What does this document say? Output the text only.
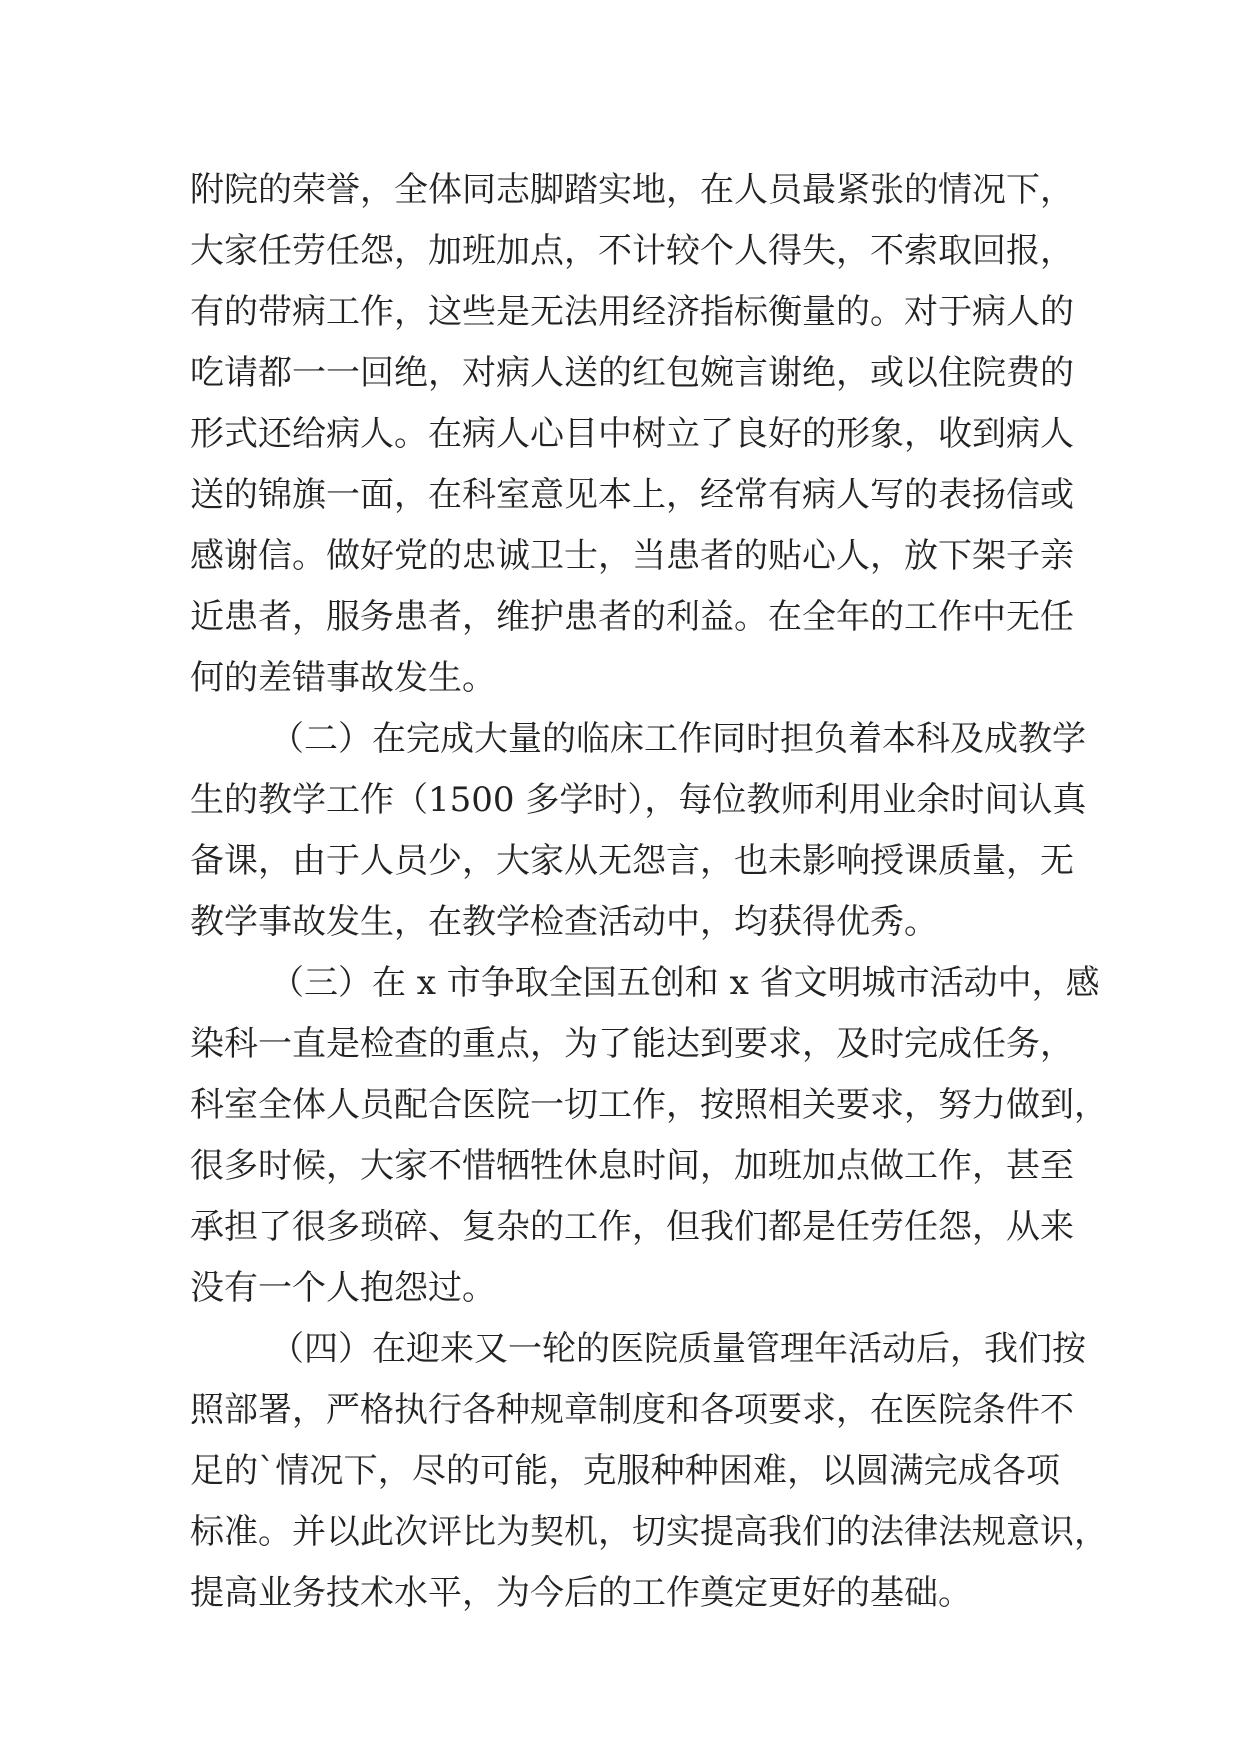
附院的荣誉，全体同志脚踏实地，在人员最紧张的情况下，
大家任劳任怨，加班加点，不计较个人得失，不索取回报，
有的带病工作，这些是无法用经济指标衡量的。对于病人的
吃请都一一回绝，对病人送的红包婉言谢绝，或以住院费的
形式还给病人。在病人心目中树立了良好的形象，收到病人
送的锦旗一面，在科室意见本上，经常有病人写的表扬信或
感谢信。做好党的忠诚卫士，当患者的贴心人，放下架子亲
近患者，服务患者，维护患者的利益。在全年的工作中无任
何的差错事故发生。
（二）在完成大量的临床工作同时担负着本科及成教学
生的教学工作（1500 多学时），每位教师利用业余时间认真
备课，由于人员少，大家从无怨言，也未影响授课质量，无
教学事故发生，在教学检查活动中，均获得优秀。
（三）在 x 市争取全国五创和 x 省文明城市活动中，感
染科一直是检查的重点，为了能达到要求，及时完成任务，
科室全体人员配合医院一切工作，按照相关要求，努力做到，
很多时候，大家不惜牺牲休息时间，加班加点做工作，甚至
承担了很多琐碎、复杂的工作，但我们都是任劳任怨，从来
没有一个人抱怨过。
（四）在迎来又一轮的医院质量管理年活动后，我们按
照部署，严格执行各种规章制度和各项要求，在医院条件不
足的`情况下，尽的可能，克服种种困难，以圆满完成各项
标准。并以此次评比为契机，切实提高我们的法律法规意识，
提高业务技术水平，为今后的工作奠定更好的基础。
